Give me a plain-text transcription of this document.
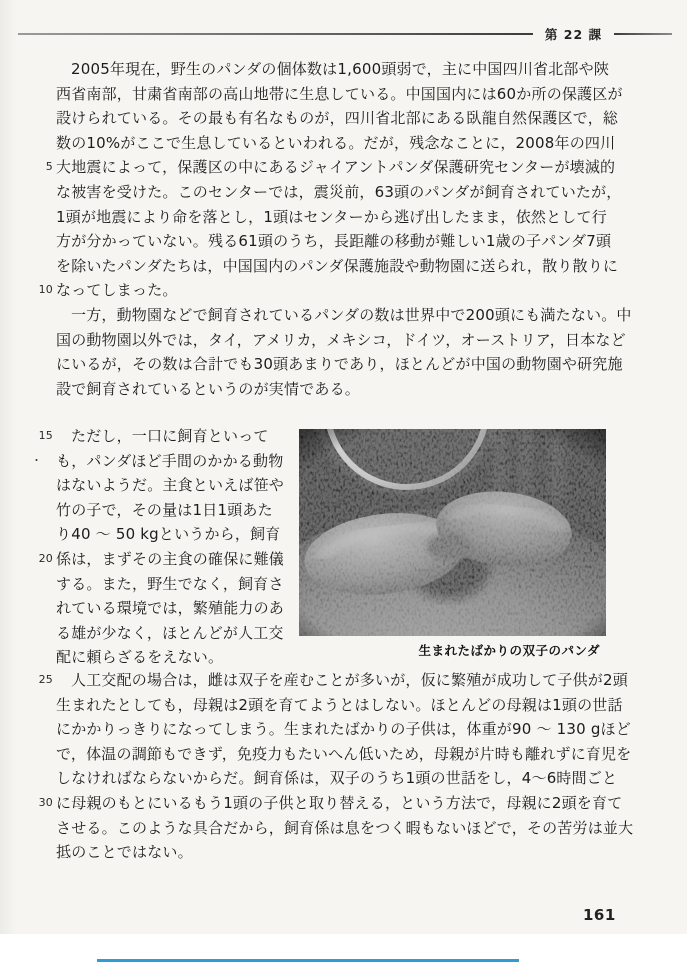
第 22 課
2005年現在，野生のパンダの個体数は1,600頭弱で，主に中国四川省北部や陝
西省南部，甘粛省南部の高山地帯に生息している。中国国内には60か所の保護区が
設けられている。その最も有名なものが，四川省北部にある臥龍自然保護区で，総
数の10%がここで生息しているといわれる。だが，残念なことに，2008年の四川
5 大地震によって，保護区の中にあるジャイアントパンダ保護研究センターが壊滅的
な被害を受けた。このセンターでは，震災前，63頭のパンダが飼育されていたが，
1頭が地震により命を落とし，1頭はセンターから逃げ出したまま，依然として行
方が分かっていない。残る61頭のうち，長距離の移動が難しい1歳の子パンダ7頭
を除いたパンダたちは，中国国内のパンダ保護施設や動物園に送られ，散り散りに
10 なってしまった。
一方，動物園などで飼育されているパンダの数は世界中で200頭にも満たない。中
国の動物園以外では，タイ，アメリカ，メキシコ，ドイツ，オーストリア，日本など
にいるが，その数は合計でも30頭あまりであり，ほとんどが中国の動物園や研究施
設で飼育されているというのが実情である。
・
15 ただし，一口に飼育といって
も，パンダほど手間のかかる動物
はないようだ。主食といえば笹や
竹の子で，その量は1日1頭あた
り40 〜 50 kgというから，飼育
20 係は，まずその主食の確保に難儀
する。また，野生でなく，飼育さ
れている環境では，繁殖能力のあ
る雄が少なく，ほとんどが人工交
配に頼らざるをえない。	生まれたばかりの双子のパンダ
25 人工交配の場合は，雌は双子を産むことが多いが，仮に繁殖が成功して子供が2頭
生まれたとしても，母親は2頭を育てようとはしない。ほとんどの母親は1頭の世話
にかかりっきりになってしまう。生まれたばかりの子供は，体重が90 〜 130 gほど
で，体温の調節もできず，免疫力もたいへん低いため，母親が片時も離れずに育児を
しなければならないからだ。飼育係は，双子のうち1頭の世話をし，4〜6時間ごと
30 に母親のもとにいるもう1頭の子供と取り替える，という方法で，母親に2頭を育て
させる。このような具合だから，飼育係は息をつく暇もないほどで，その苦労は並大
抵のことではない。
161
